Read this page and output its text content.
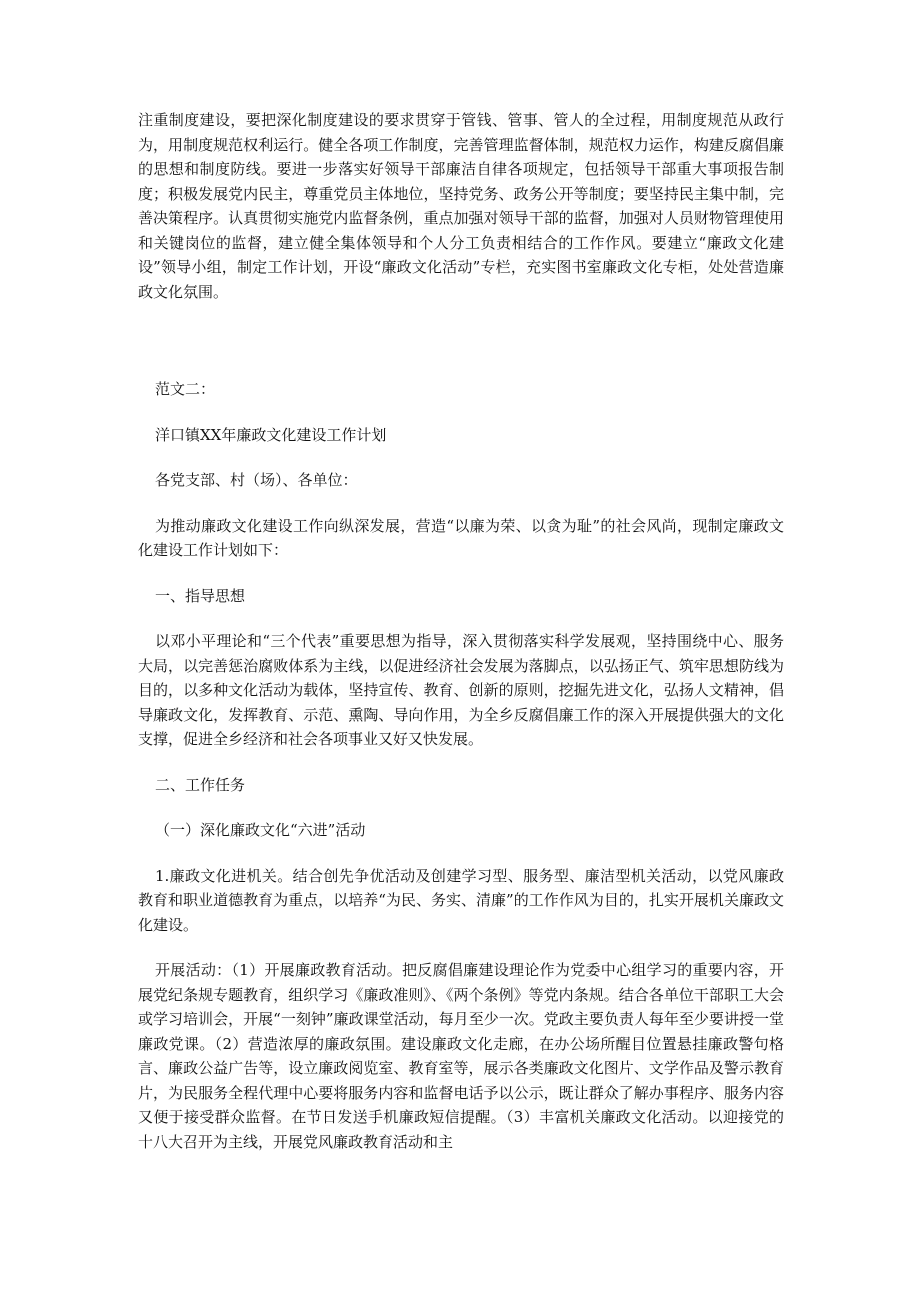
注重制度建设，要把深化制度建设的要求贯穿于管钱、管事、管人的全过程，用制度规范从政行为，用制度规范权利运行。健全各项工作制度，完善管理监督体制，规范权力运作，构建反腐倡廉的思想和制度防线。要进一步落实好领导干部廉洁自律各项规定，包括领导干部重大事项报告制度；积极发展党内民主，尊重党员主体地位，坚持党务、政务公开等制度；要坚持民主集中制，完善决策程序。认真贯彻实施党内监督条例，重点加强对领导干部的监督，加强对人员财物管理使用和关键岗位的监督，建立健全集体领导和个人分工负责相结合的工作作风。要建立“廉政文化建设”领导小组，制定工作计划，开设“廉政文化活动”专栏，充实图书室廉政文化专柜，处处营造廉政文化氛围。

范文二：

洋口镇XX年廉政文化建设工作计划

各党支部、村（场）、各单位：

为推动廉政文化建设工作向纵深发展，营造“以廉为荣、以贪为耻”的社会风尚，现制定廉政文化建设工作计划如下：

一、指导思想

以邓小平理论和“三个代表”重要思想为指导，深入贯彻落实科学发展观，坚持围绕中心、服务大局，以完善惩治腐败体系为主线，以促进经济社会发展为落脚点，以弘扬正气、筑牢思想防线为目的，以多种文化活动为载体，坚持宣传、教育、创新的原则，挖掘先进文化，弘扬人文精神，倡导廉政文化，发挥教育、示范、熏陶、导向作用，为全乡反腐倡廉工作的深入开展提供强大的文化支撑，促进全乡经济和社会各项事业又好又快发展。

二、工作任务

（一）深化廉政文化“六进”活动

1.廉政文化进机关。结合创先争优活动及创建学习型、服务型、廉洁型机关活动，以党风廉政教育和职业道德教育为重点，以培养“为民、务实、清廉”的工作作风为目的，扎实开展机关廉政文化建设。

开展活动：（1）开展廉政教育活动。把反腐倡廉建设理论作为党委中心组学习的重要内容，开展党纪条规专题教育，组织学习《廉政准则》、《两个条例》等党内条规。结合各单位干部职工大会或学习培训会，开展“一刻钟”廉政课堂活动，每月至少一次。党政主要负责人每年至少要讲授一堂廉政党课。（2）营造浓厚的廉政氛围。建设廉政文化走廊，在办公场所醒目位置悬挂廉政警句格言、廉政公益广告等，设立廉政阅览室、教育室等，展示各类廉政文化图片、文学作品及警示教育片，为民服务全程代理中心要将服务内容和监督电话予以公示，既让群众了解办事程序、服务内容又便于接受群众监督。在节日发送手机廉政短信提醒。（3）丰富机关廉政文化活动。以迎接党的十八大召开为主线，开展党风廉政教育活动和主
